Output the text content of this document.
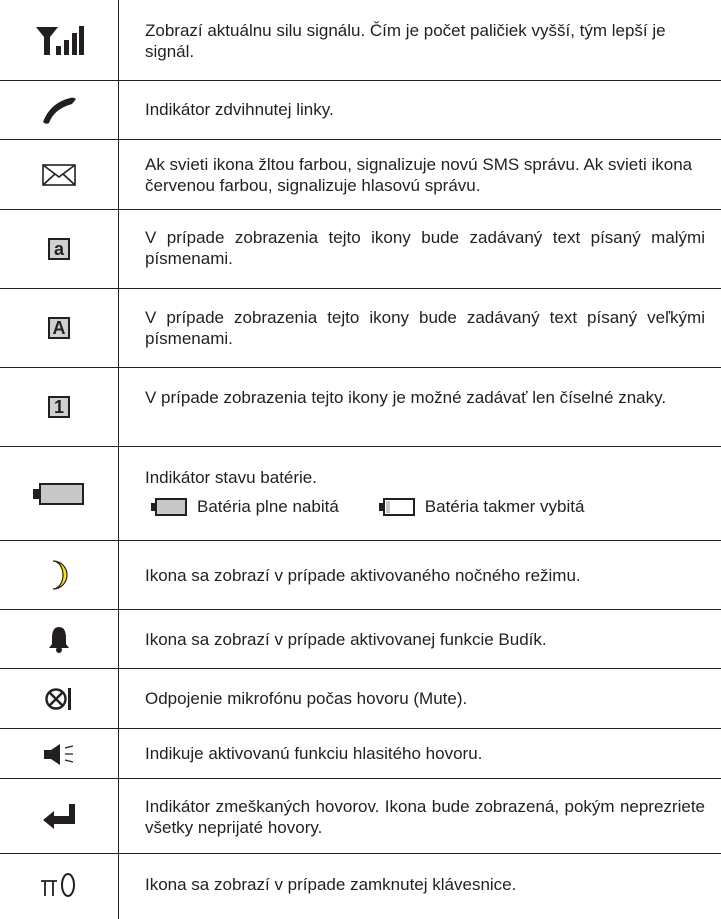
Zobrazí aktuálnu silu signálu. Čím je počet paličiek vyšší, tým lepší je signál.
Indikátor zdvihnutej linky.
Ak svieti ikona žltou farbou, signalizuje novú SMS správu. Ak svieti ikona červenou farbou, signalizuje hlasovú správu.
a
V prípade zobrazenia tejto ikony bude zadávaný text písaný malými písmenami.
A
V prípade zobrazenia tejto ikony bude zadávaný text písaný veľkými písmenami.
1	V prípade zobrazenia tejto ikony je možné zadávať len číselné znaky.
Indikátor stavu batérie.
Batéria plne nabitá	Batéria takmer vybitá
Ikona sa zobrazí v prípade aktivovaného nočného režimu.
Ikona sa zobrazí v prípade aktivovanej funkcie Budík.
Odpojenie mikrofónu počas hovoru (Mute).
Indikuje aktivovanú funkciu hlasitého hovoru.
Indikátor zmeškaných hovorov. Ikona bude zobrazená, pokým neprezriete všetky neprijaté hovory.
Ikona sa zobrazí v prípade zamknutej klávesnice.
